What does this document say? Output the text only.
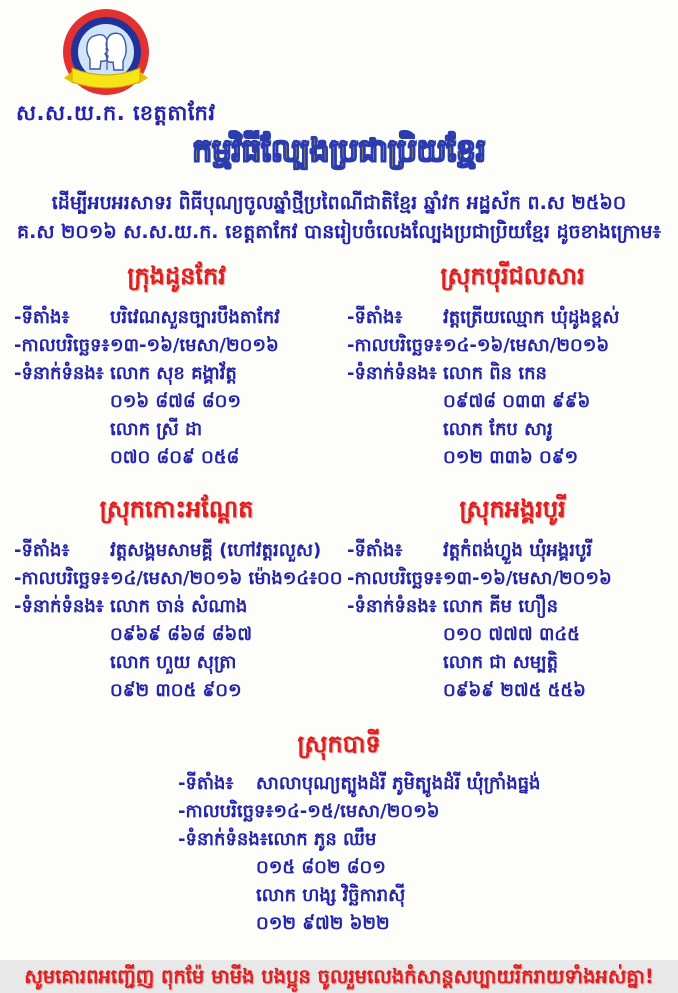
ស.ស.យ.ក. ខេត្តតាកែវ
កម្មវិធីល្បែងប្រជាប្រិយខ្មែរ
ដើម្បីអបអរសាទរ ពិធីបុណ្យចូលឆ្នាំថ្មីប្រពៃណីជាតិខ្មែរ ឆ្នាំវក អដ្ឋស័ក ព.ស ២៥៦០
គ.ស ២០១៦ ស.ស.យ.ក. ខេត្តតាកែវ បានរៀបចំលេងល្បែងប្រជាប្រិយខ្មែរ ដូចខាងក្រោម៖
ក្រុងដូនកែវ
-ទីតាំង៖	បរិវេណសួនច្បារបឹងតាកែវ
-កាលបរិច្ឆេទ៖ ១៣-១៦/មេសា/២០១៦
-ទំនាក់ទំនង៖ លោក សុខ គង្គាវ័ត្ត
០១៦ ៨៧៨ ៨០១
លោក ស្រី ដា
០៧០ ៨០៩ ០៥៨
ស្រុកបុរីជលសារ
-ទីតាំង៖	វត្តត្រើយឈ្មោក ឃុំដូងខ្ពស់
-កាលបរិច្ឆេទ៖ ១៤-១៦/មេសា/២០១៦
-ទំនាក់ទំនង៖ លោក ពិន កេន
០៩៧៨ ០៣៣ ៩៩៦
លោក កែប សារូ
០១២ ៣៣៦ ០៩១
ស្រុកកោះអណ្ដែត
-ទីតាំង៖	វត្តសង្គមសាមគ្គី (ហៅវត្តរលួស)
-កាលបរិច្ឆេទ៖ ១៤/មេសា/២០១៦ ម៉ោង១៤៖០០
-ទំនាក់ទំនង៖ លោក ចាន់ សំណាង
០៩៦៩ ៨៦៨ ៨៦៧
លោក ហួយ សុត្រា
០៩២ ៣០៥ ៩០១
ស្រុកអង្គរបូរី
-ទីតាំង៖	វត្តកំពង់ហ្លួង ឃុំអង្គរបូរី
-កាលបរិច្ឆេទ៖ ១៣-១៦/មេសា/២០១៦
-ទំនាក់ទំនង៖ លោក គីម ហឿន
០១០ ៧៧៧ ៣៤៥
លោក ជា សម្បត្តិ
០៩៦៩ ២៧៥ ៥៥៦
ស្រុកបាទី
-ទីតាំង៖	សាលាបុណ្យត្បូងដំរី ភូមិត្បូងដំរី ឃុំក្រាំងធ្នង់
-កាលបរិច្ឆេទ៖ ១៤-១៥/មេសា/២០១៦
-ទំនាក់ទំនង៖ លោក ភូន ឈឹម
០១៥ ៨០២ ៨០១
លោក ហង្ស វិច្ឆិការាស៊ី
០១២ ៩៧២ ៦២២
សូមគោរពអញ្ជើញ ពុកម៉ែ មាមីង បងប្អូន ចូលរួមលេងកំសាន្តសប្បាយរីករាយទាំងអស់គ្នា!
